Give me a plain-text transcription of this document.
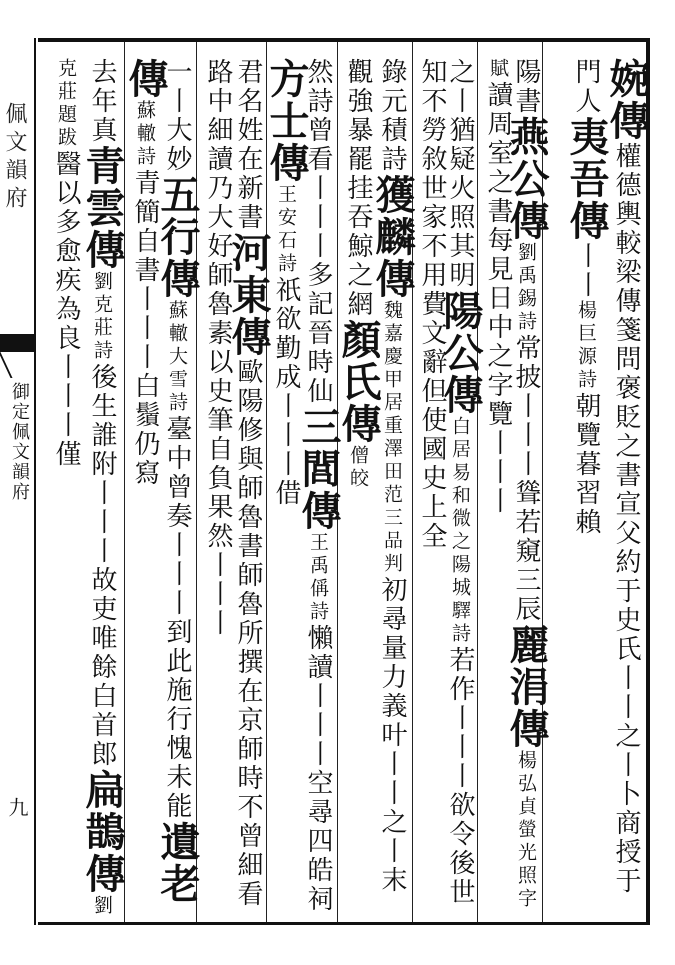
佩文韻府
御定佩文韻府
九
婉傳權德輿較梁傳箋問褒貶之書宣父約于史氏丨丨之丨卜商授于門人夷吾傳丨丨楊巨源詩朝覽暮習賴
陽書燕公傳劉禹錫詩常披丨丨丨聳若窺三辰麗涓傳楊弘貞螢光照字賦讀周室之書每見日中之字覽丨丨丨
之丨猶疑火照其明陽公傳白居易和微之陽城驛詩若作丨丨丨欲令後世知不勞敘世家不用費文辭但使國史上全
錄元積詩獲麟傳魏嘉慶甲居重澤田范三品判初尋量力義叶丨丨之丨末觀強暴罷挂吞鯨之網顏氏傳僧皎
然詩曾看丨丨丨多記晉時仙三閭傳王禹偁詩懶讀丨丨丨空尋四皓祠方士傳王安石詩祇欲勤成丨丨丨借
君名姓在新書河東傳歐陽修與師魯書師魯所撰在京師時不曾細看路中細讀乃大好師魯素以史筆自負果然丨丨丨
一丨大妙五行傳蘇轍大雪詩臺中曾奏丨丨丨到此施行愧未能遺老傳蘇轍詩青簡自書丨丨丨白鬚仍寫
去年真青雲傳劉克莊詩後生誰附丨丨丨故吏唯餘白首郎扁鵲傳劉克莊題跋醫以多愈疾為良丨丨丨僅
